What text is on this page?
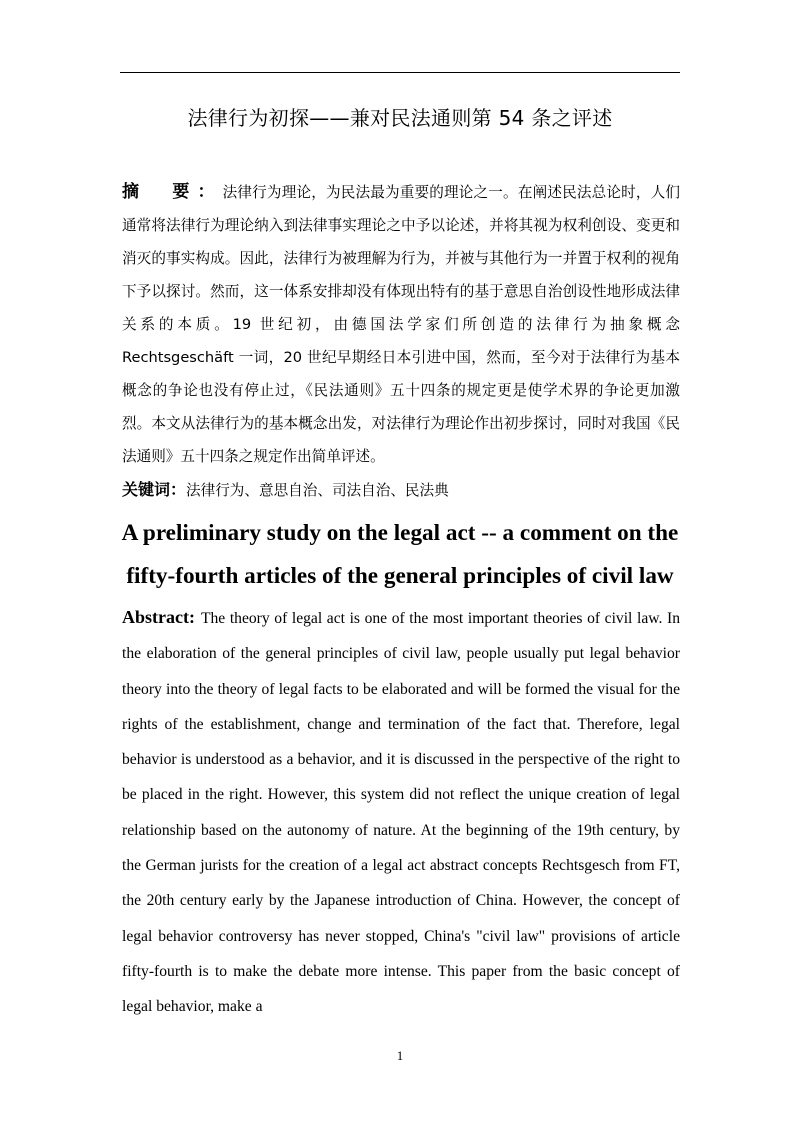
法律行为初探——兼对民法通则第 54 条之评述
摘　要：法律行为理论，为民法最为重要的理论之一。在阐述民法总论时，人们通常将法律行为理论纳入到法律事实理论之中予以论述，并将其视为权利创设、变更和消灭的事实构成。因此，法律行为被理解为行为，并被与其他行为一并置于权利的视角下予以探讨。然而，这一体系安排却没有体现出特有的基于意思自治创设性地形成法律关系的本质。19 世纪初，由德国法学家们所创造的法律行为抽象概念 Rechtsgeschäft 一词，20 世纪早期经日本引进中国，然而，至今对于法律行为基本概念的争论也没有停止过，《民法通则》五十四条的规定更是使学术界的争论更加激烈。本文从法律行为的基本概念出发，对法律行为理论作出初步探讨，同时对我国《民法通则》五十四条之规定作出简单评述。
关键词：法律行为、意思自治、司法自治、民法典
A preliminary study on the legal act -- a comment on the
fifty-fourth articles of the general principles of civil law
Abstract: The theory of legal act is one of the most important theories of civil law. In the elaboration of the general principles of civil law, people usually put legal behavior theory into the theory of legal facts to be elaborated and will be formed the visual for the rights of the establishment, change and termination of the fact that. Therefore, legal behavior is understood as a behavior, and it is discussed in the perspective of the right to be placed in the right. However, this system did not reflect the unique creation of legal relationship based on the autonomy of nature. At the beginning of the 19th century, by the German jurists for the creation of a legal act abstract concepts Rechtsgesch from FT, the 20th century early by the Japanese introduction of China. However, the concept of legal behavior controversy has never stopped, China's "civil law" provisions of article fifty-fourth is to make the debate more intense. This paper from the basic concept of legal behavior, make a
1
